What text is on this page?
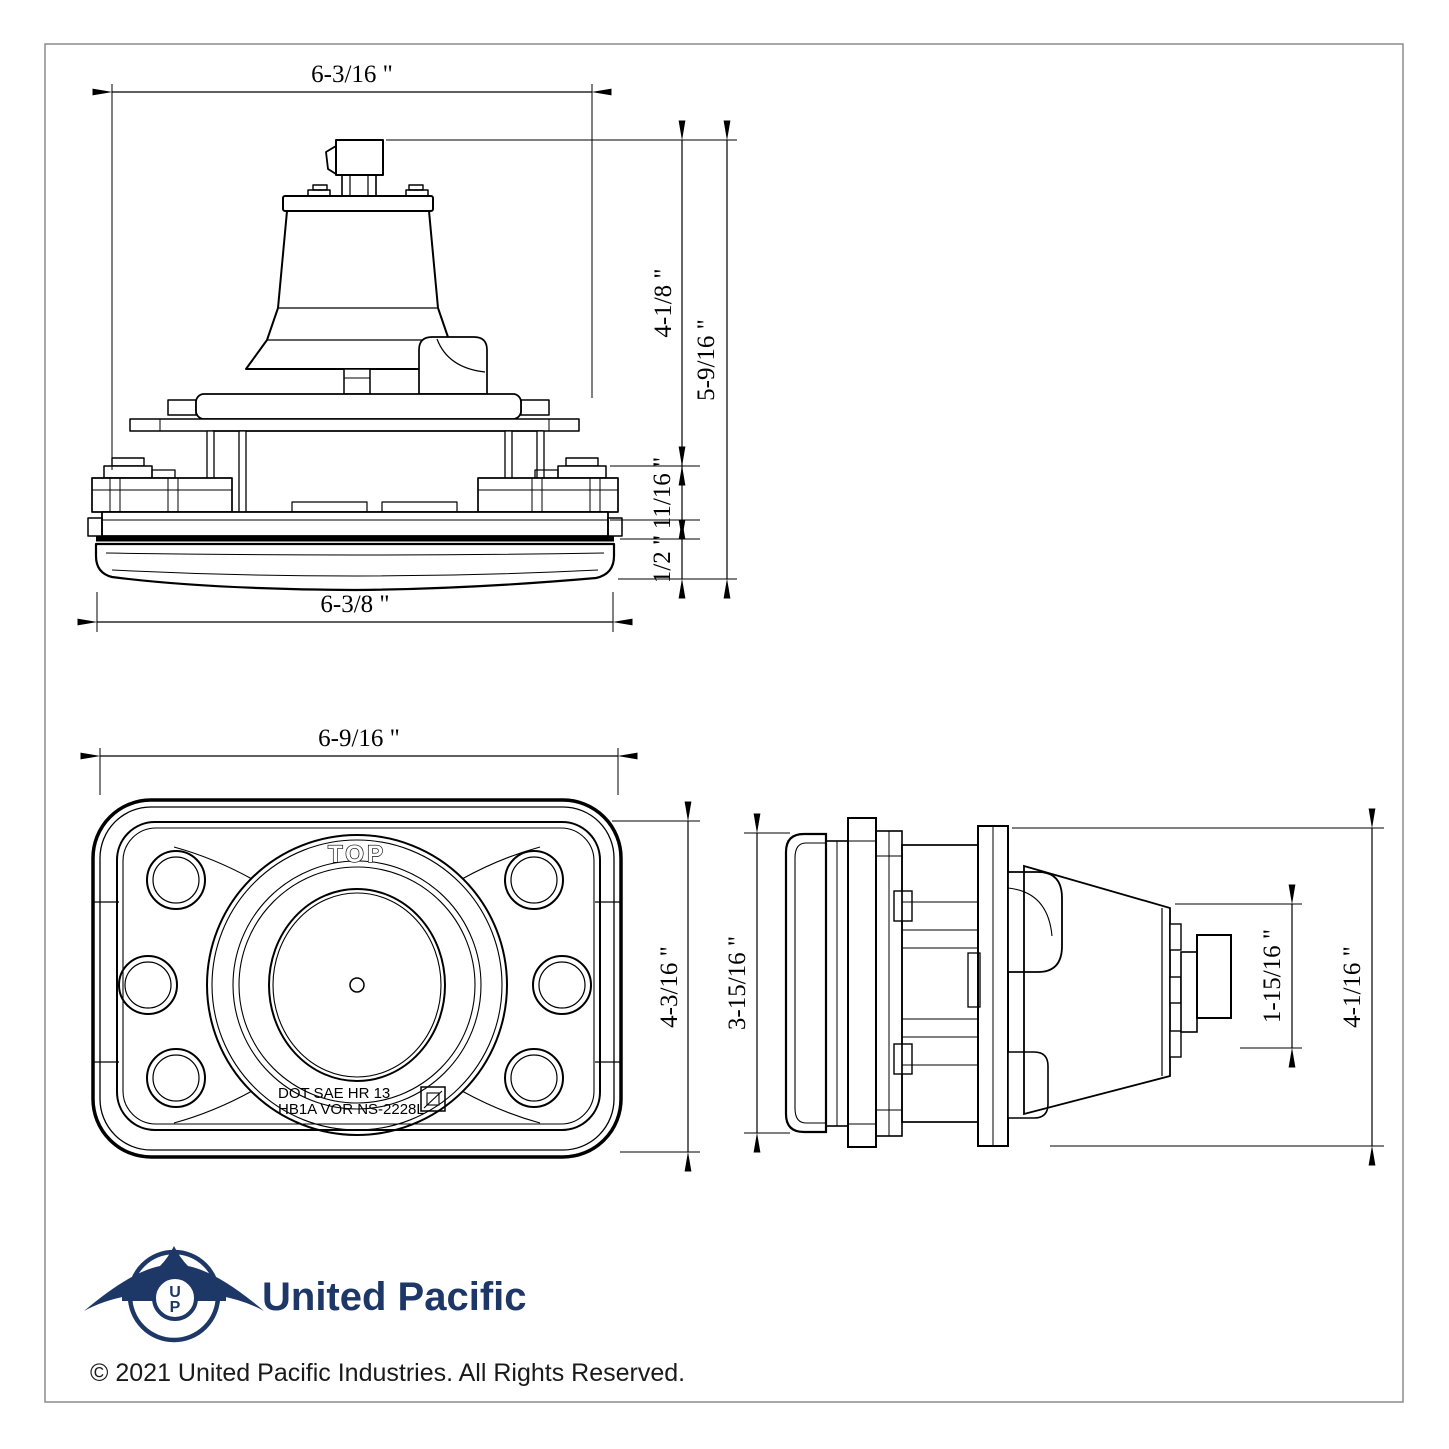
6-3/16 "
4-1/8 "
5-9/16 "
11/16 "
1/2 "
6-3/8 "
TOP
DOT SAE HR 13
HB1A VOR NS-2228L
6-9/16 "
4-3/16 " 3-15/16 "	1-15/16 " 4-1/16 "
U
P United Pacific
© 2021 United Pacific Industries. All Rights Reserved.
